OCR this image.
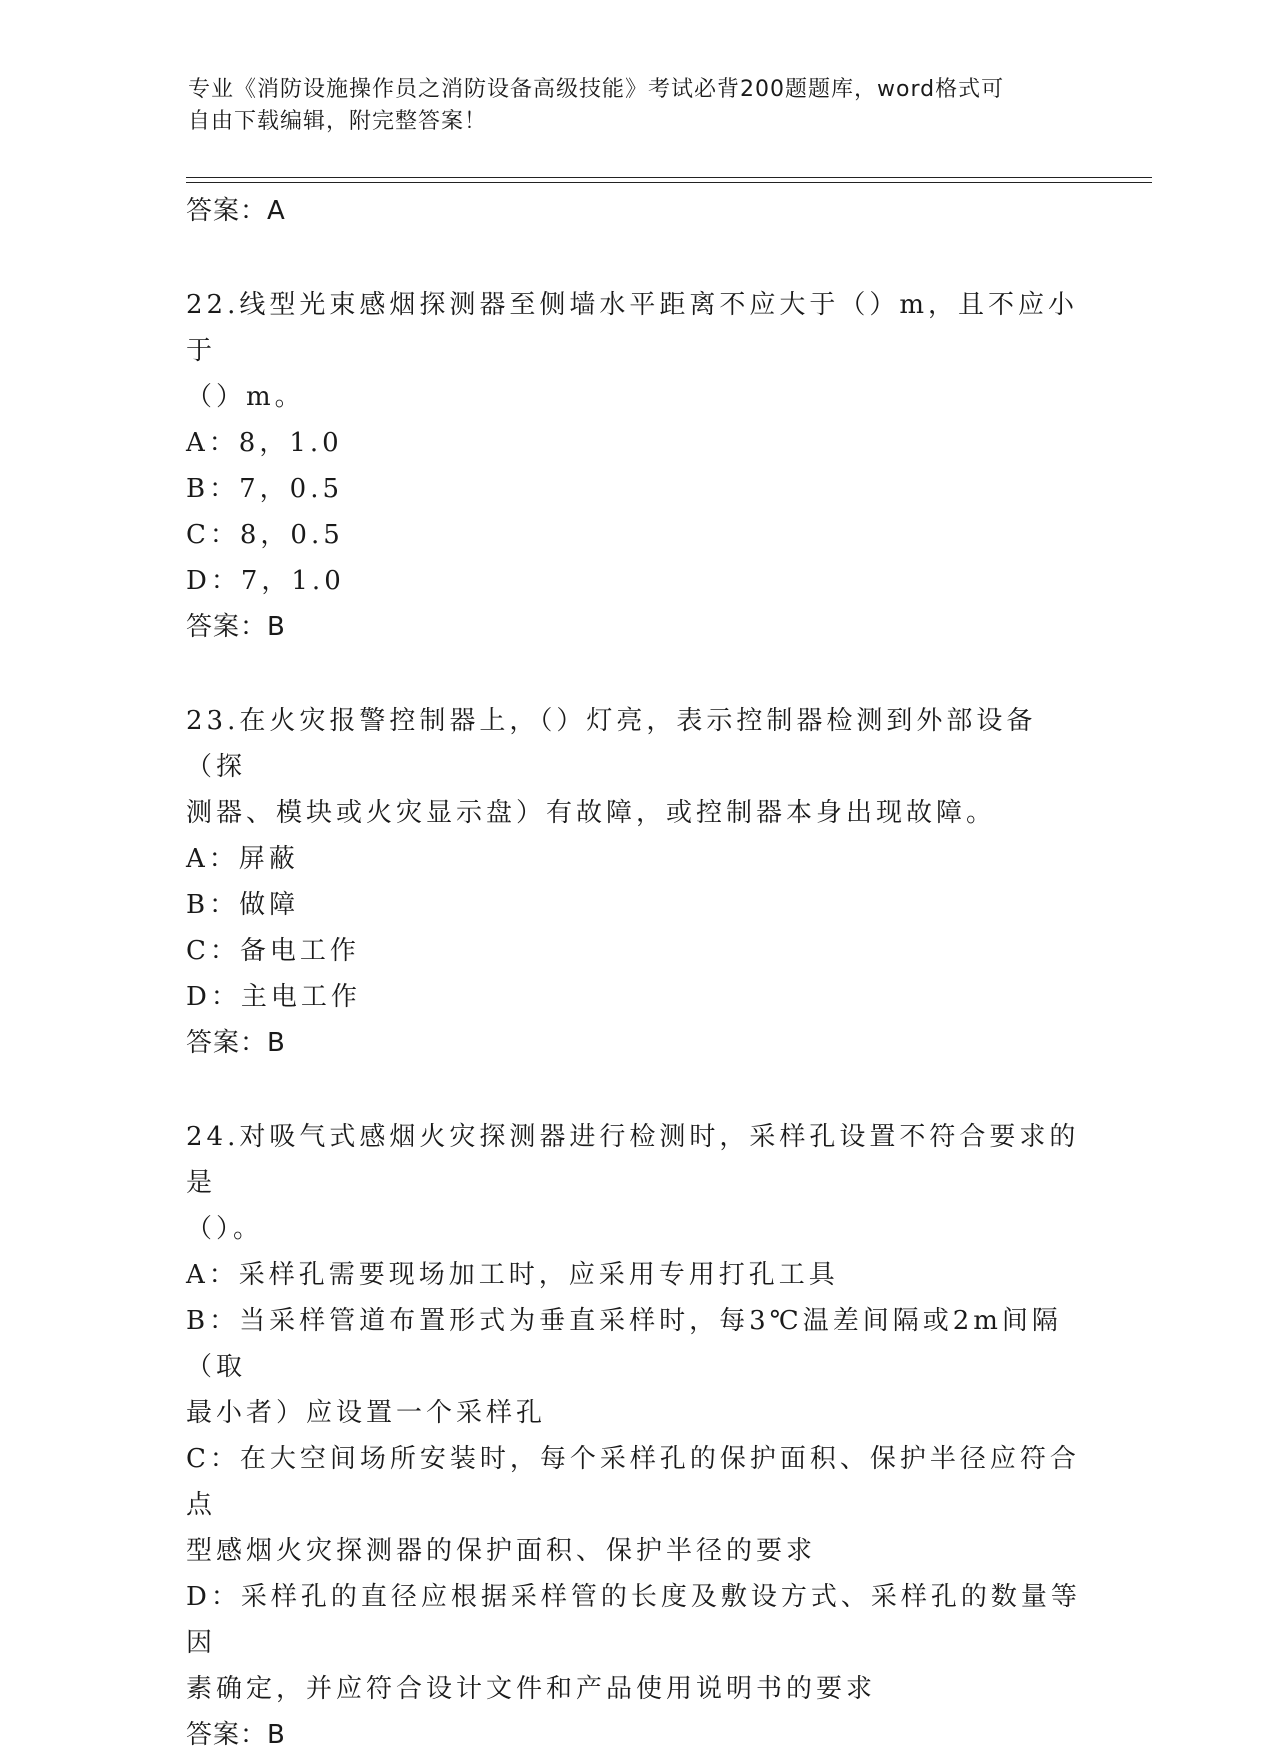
专业《消防设施操作员之消防设备高级技能》考试必背200题题库，word格式可
自由下载编辑，附完整答案！
答案：A
22.线型光束感烟探测器至侧墙水平距离不应大于（）m，且不应小于
（）m。
A：8，1.0
B：7，0.5
C：8，0.5
D：7，1.0
答案：B
23.在火灾报警控制器上，（）灯亮，表示控制器检测到外部设备（探
测器、模块或火灾显示盘）有故障，或控制器本身出现故障。
A：屏蔽
B：做障
C：备电工作
D：主电工作
答案：B
24.对吸气式感烟火灾探测器进行检测时，采样孔设置不符合要求的是
（）。
A：采样孔需要现场加工时，应采用专用打孔工具
B：当采样管道布置形式为垂直采样时，每3℃温差间隔或2m间隔（取
最小者）应设置一个采样孔
C：在大空间场所安装时，每个采样孔的保护面积、保护半径应符合点
型感烟火灾探测器的保护面积、保护半径的要求
D：采样孔的直径应根据采样管的长度及敷设方式、采样孔的数量等因
素确定，并应符合设计文件和产品使用说明书的要求
答案：B
